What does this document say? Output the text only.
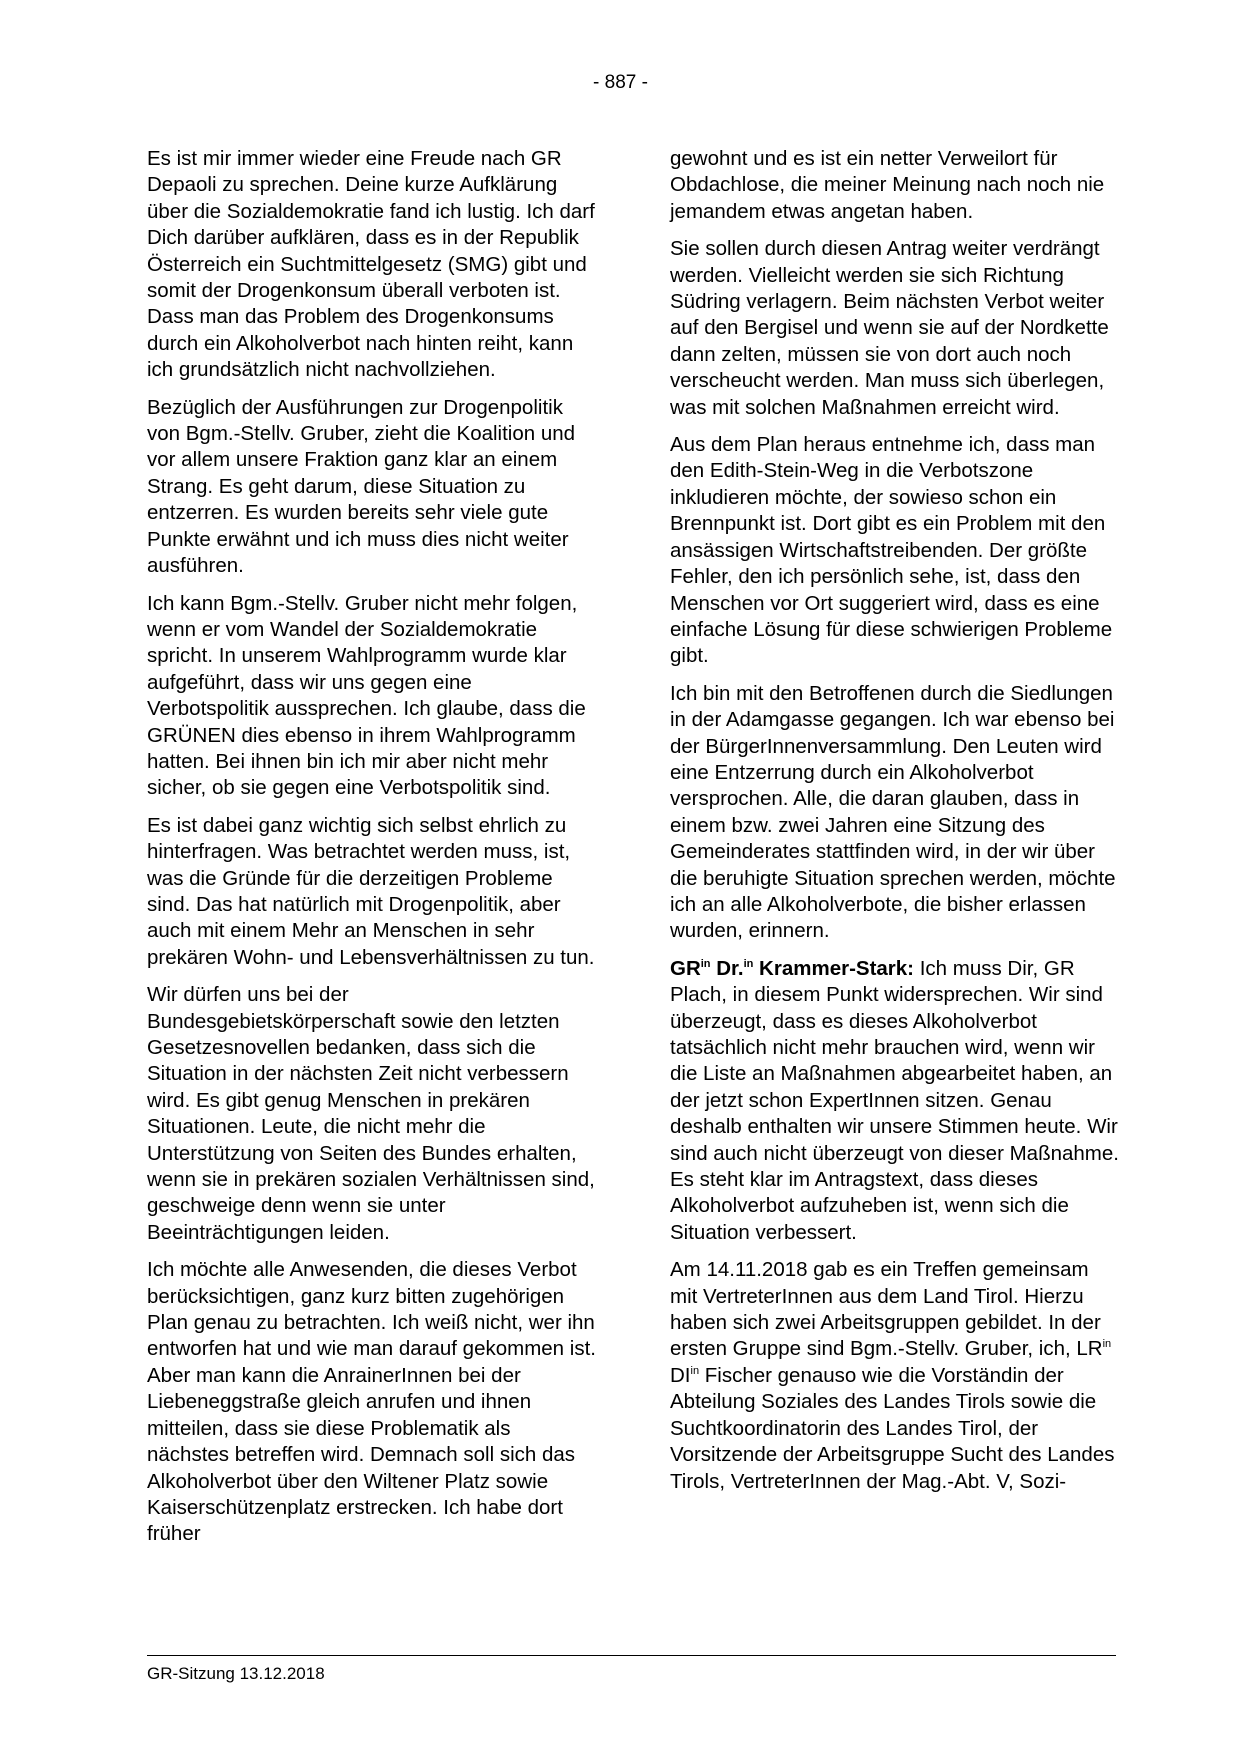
- 887 -

Es ist mir immer wieder eine Freude nach GR Depaoli zu sprechen. Deine kurze Aufklärung über die Sozialdemokratie fand ich lustig. Ich darf Dich darüber aufklären, dass es in der Republik Österreich ein Suchtmittelgesetz (SMG) gibt und somit der Drogenkonsum überall verboten ist. Dass man das Problem des Drogenkonsums durch ein Alkoholverbot nach hinten reiht, kann ich grundsätzlich nicht nachvollziehen.

Bezüglich der Ausführungen zur Drogenpolitik von Bgm.-Stellv. Gruber, zieht die Koalition und vor allem unsere Fraktion ganz klar an einem Strang. Es geht darum, diese Situation zu entzerren. Es wurden bereits sehr viele gute Punkte erwähnt und ich muss dies nicht weiter ausführen.

Ich kann Bgm.-Stellv. Gruber nicht mehr folgen, wenn er vom Wandel der Sozialdemokratie spricht. In unserem Wahlprogramm wurde klar aufgeführt, dass wir uns gegen eine Verbotspolitik aussprechen. Ich glaube, dass die GRÜNEN dies ebenso in ihrem Wahlprogramm hatten. Bei ihnen bin ich mir aber nicht mehr sicher, ob sie gegen eine Verbotspolitik sind.

Es ist dabei ganz wichtig sich selbst ehrlich zu hinterfragen. Was betrachtet werden muss, ist, was die Gründe für die derzeitigen Probleme sind. Das hat natürlich mit Drogenpolitik, aber auch mit einem Mehr an Menschen in sehr prekären Wohn- und Lebensverhältnissen zu tun.

Wir dürfen uns bei der Bundesgebietskörperschaft sowie den letzten Gesetzesnovellen bedanken, dass sich die Situation in der nächsten Zeit nicht verbessern wird. Es gibt genug Menschen in prekären Situationen. Leute, die nicht mehr die Unterstützung von Seiten des Bundes erhalten, wenn sie in prekären sozialen Verhältnissen sind, geschweige denn wenn sie unter Beeinträchtigungen leiden.

Ich möchte alle Anwesenden, die dieses Verbot berücksichtigen, ganz kurz bitten zugehörigen Plan genau zu betrachten. Ich weiß nicht, wer ihn entworfen hat und wie man darauf gekommen ist. Aber man kann die AnrainerInnen bei der Liebeneggstraße gleich anrufen und ihnen mitteilen, dass sie diese Problematik als nächstes betreffen wird. Demnach soll sich das Alkoholverbot über den Wiltener Platz sowie Kaiserschützenplatz erstrecken. Ich habe dort früher

gewohnt und es ist ein netter Verweilort für Obdachlose, die meiner Meinung nach noch nie jemandem etwas angetan haben.

Sie sollen durch diesen Antrag weiter verdrängt werden. Vielleicht werden sie sich Richtung Südring verlagern. Beim nächsten Verbot weiter auf den Bergisel und wenn sie auf der Nordkette dann zelten, müssen sie von dort auch noch verscheucht werden. Man muss sich überlegen, was mit solchen Maßnahmen erreicht wird.

Aus dem Plan heraus entnehme ich, dass man den Edith-Stein-Weg in die Verbotszone inkludieren möchte, der sowieso schon ein Brennpunkt ist. Dort gibt es ein Problem mit den ansässigen Wirtschaftstreibenden. Der größte Fehler, den ich persönlich sehe, ist, dass den Menschen vor Ort suggeriert wird, dass es eine einfache Lösung für diese schwierigen Probleme gibt.

Ich bin mit den Betroffenen durch die Siedlungen in der Adamgasse gegangen. Ich war ebenso bei der BürgerInnenversammlung. Den Leuten wird eine Entzerrung durch ein Alkoholverbot versprochen. Alle, die daran glauben, dass in einem bzw. zwei Jahren eine Sitzung des Gemeinderates stattfinden wird, in der wir über die beruhigte Situation sprechen werden, möchte ich an alle Alkoholverbote, die bisher erlassen wurden, erinnern.

$GR^{in}$ Dr.$^{in}$ Krammer-Stark: Ich muss Dir, GR Plach, in diesem Punkt widersprechen. Wir sind überzeugt, dass es dieses Alkoholverbot tatsächlich nicht mehr brauchen wird, wenn wir die Liste an Maßnahmen abgearbeitet haben, an der jetzt schon ExpertInnen sitzen. Genau deshalb enthalten wir unsere Stimmen heute. Wir sind auch nicht überzeugt von dieser Maßnahme. Es steht klar im Antragstext, dass dieses Alkoholverbot aufzuheben ist, wenn sich die Situation verbessert.

Am 14.11.2018 gab es ein Treffen gemeinsam mit VertreterInnen aus dem Land Tirol. Hierzu haben sich zwei Arbeitsgruppen gebildet. In der ersten Gruppe sind Bgm.-Stellv. Gruber, ich, $LR^{in}$ $DI^{in}$ Fischer genauso wie die Vorständin der Abteilung Soziales des Landes Tirols sowie die Suchtkoordinatorin des Landes Tirol, der Vorsitzende der Arbeitsgruppe Sucht des Landes Tirols, VertreterInnen der Mag.-Abt. V, Sozi-

GR-Sitzung 13.12.2018
